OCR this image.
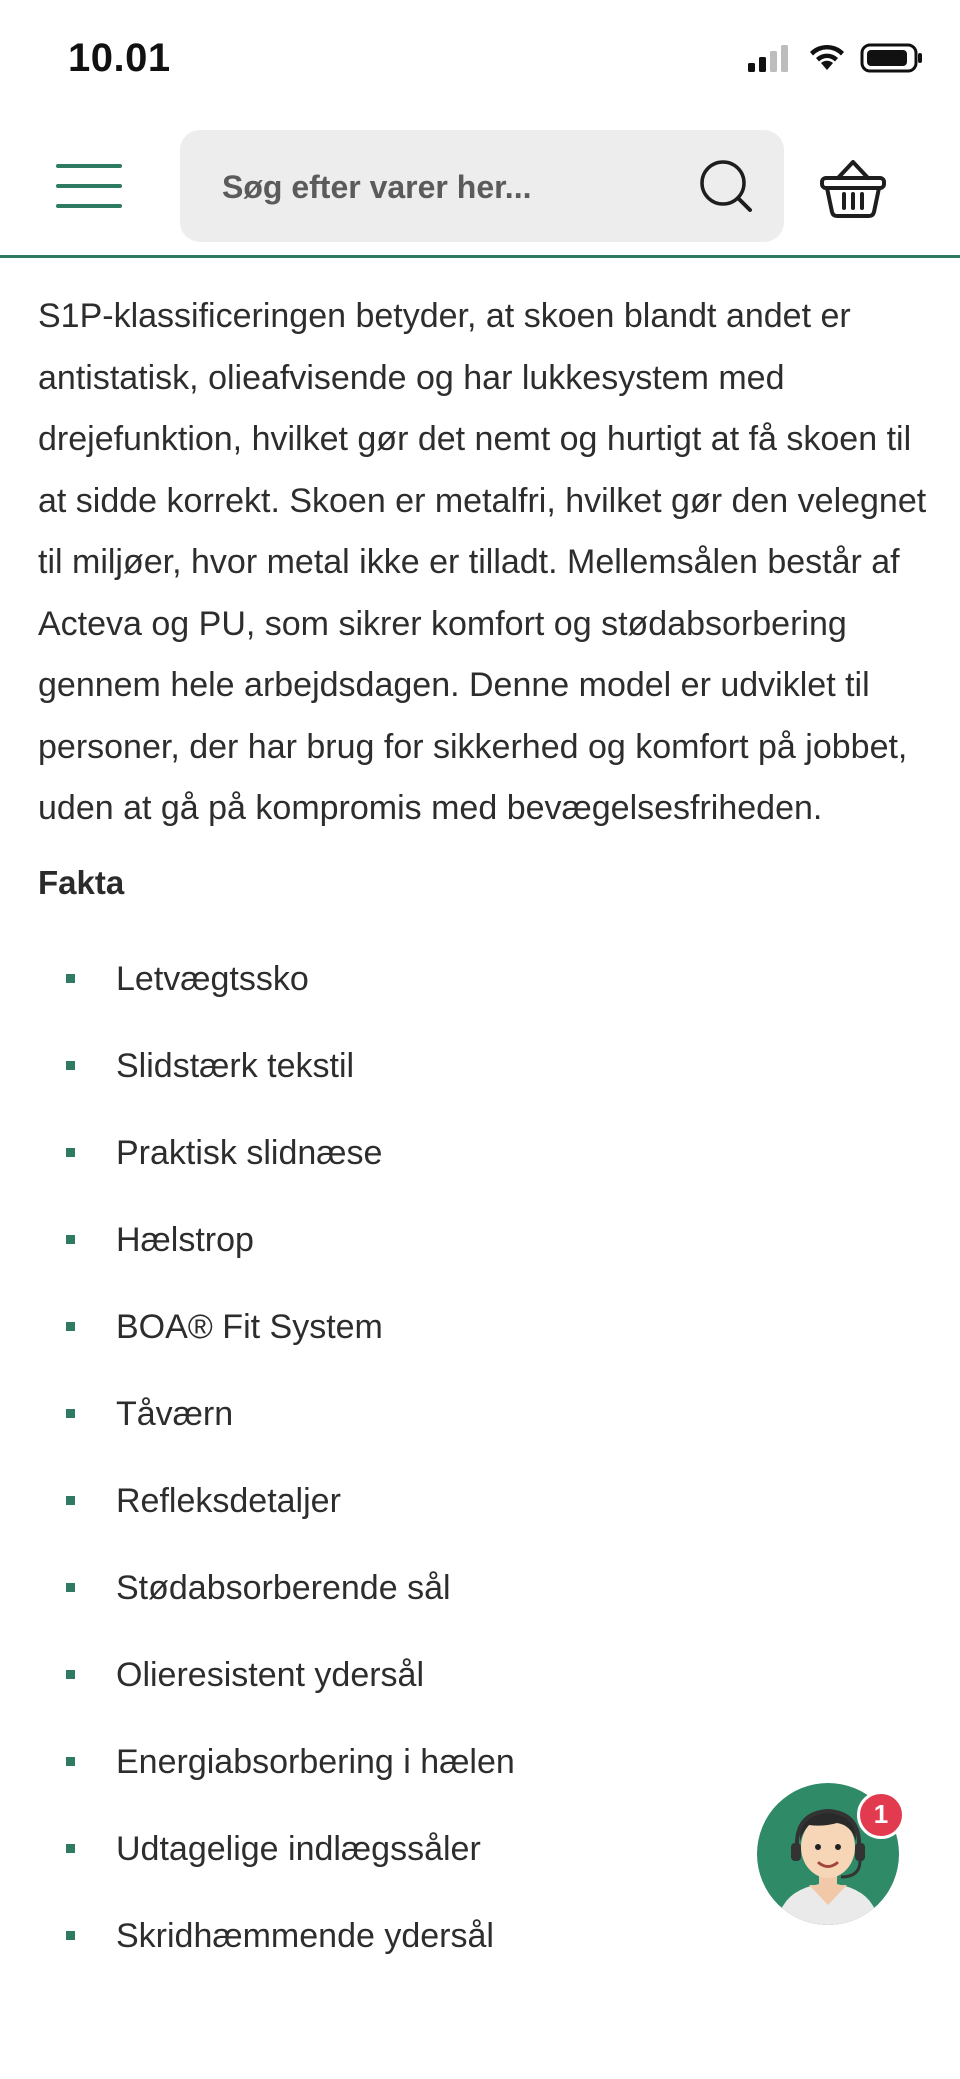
10.01
Søg efter varer her...

S1P-klassificeringen betyder, at skoen blandt andet er antistatisk, olieafvisende og har lukkesystem med drejefunktion, hvilket gør det nemt og hurtigt at få skoen til at sidde korrekt. Skoen er metalfri, hvilket gør den velegnet til miljøer, hvor metal ikke er tilladt. Mellemsålen består af Acteva og PU, som sikrer komfort og stødabsorbering gennem hele arbejdsdagen. Denne model er udviklet til personer, der har brug for sikkerhed og komfort på jobbet, uden at gå på kompromis med bevægelsesfriheden.

Fakta
Letvægtssko
Slidstærk tekstil
Praktisk slidnæse
Hælstrop
BOA® Fit System
Tåværn
Refleksdetaljer
Stødabsorberende sål
Olieresistent ydersål
Energiabsorbering i hælen
Udtagelige indlægssåler
Skridhæmmende ydersål
1
